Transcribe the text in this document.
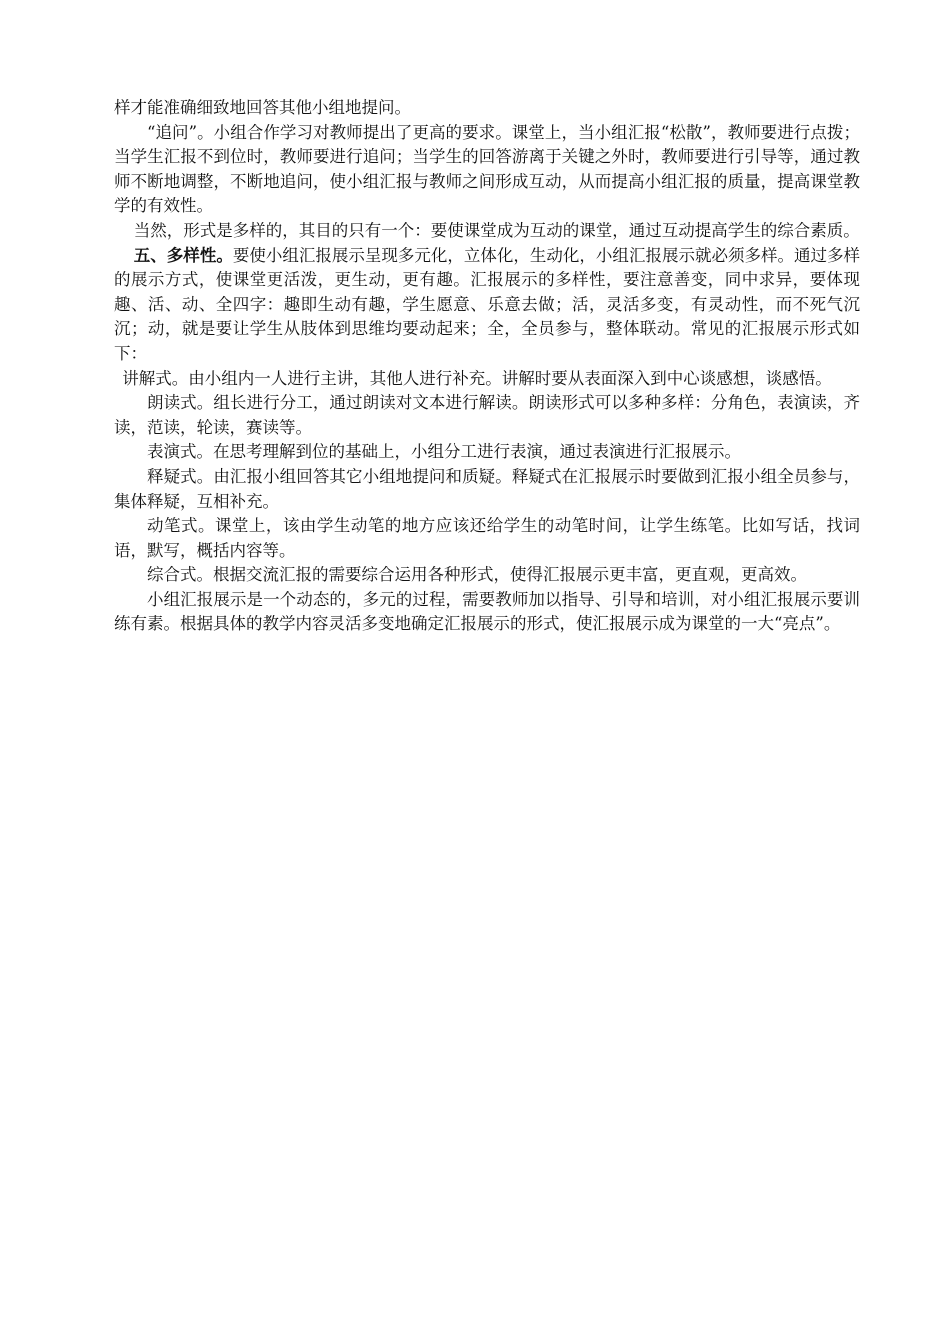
样才能准确细致地回答其他小组地提问。

“追问”。小组合作学习对教师提出了更高的要求。课堂上，当小组汇报“松散”，教师要进行点拨；当学生汇报不到位时，教师要进行追问；当学生的回答游离于关键之外时，教师要进行引导等，通过教师不断地调整，不断地追问，使小组汇报与教师之间形成互动，从而提高小组汇报的质量，提高课堂教学的有效性。

当然，形式是多样的，其目的只有一个：要使课堂成为互动的课堂，通过互动提高学生的综合素质。

五、多样性。要使小组汇报展示呈现多元化，立体化，生动化，小组汇报展示就必须多样。通过多样的展示方式，使课堂更活泼，更生动，更有趣。汇报展示的多样性，要注意善变，同中求异，要体现趣、活、动、全四字：趣即生动有趣，学生愿意、乐意去做；活，灵活多变，有灵动性，而不死气沉沉；动，就是要让学生从肢体到思维均要动起来；全，全员参与，整体联动。常见的汇报展示形式如下：

讲解式。由小组内一人进行主讲，其他人进行补充。讲解时要从表面深入到中心谈感想，谈感悟。

朗读式。组长进行分工，通过朗读对文本进行解读。朗读形式可以多种多样：分角色，表演读，齐读，范读，轮读，赛读等。

表演式。在思考理解到位的基础上，小组分工进行表演，通过表演进行汇报展示。

释疑式。由汇报小组回答其它小组地提问和质疑。释疑式在汇报展示时要做到汇报小组全员参与，集体释疑，互相补充。

动笔式。课堂上，该由学生动笔的地方应该还给学生的动笔时间，让学生练笔。比如写话，找词语，默写，概括内容等。

综合式。根据交流汇报的需要综合运用各种形式，使得汇报展示更丰富，更直观，更高效。

小组汇报展示是一个动态的，多元的过程，需要教师加以指导、引导和培训，对小组汇报展示要训练有素。根据具体的教学内容灵活多变地确定汇报展示的形式，使汇报展示成为课堂的一大“亮点”。
